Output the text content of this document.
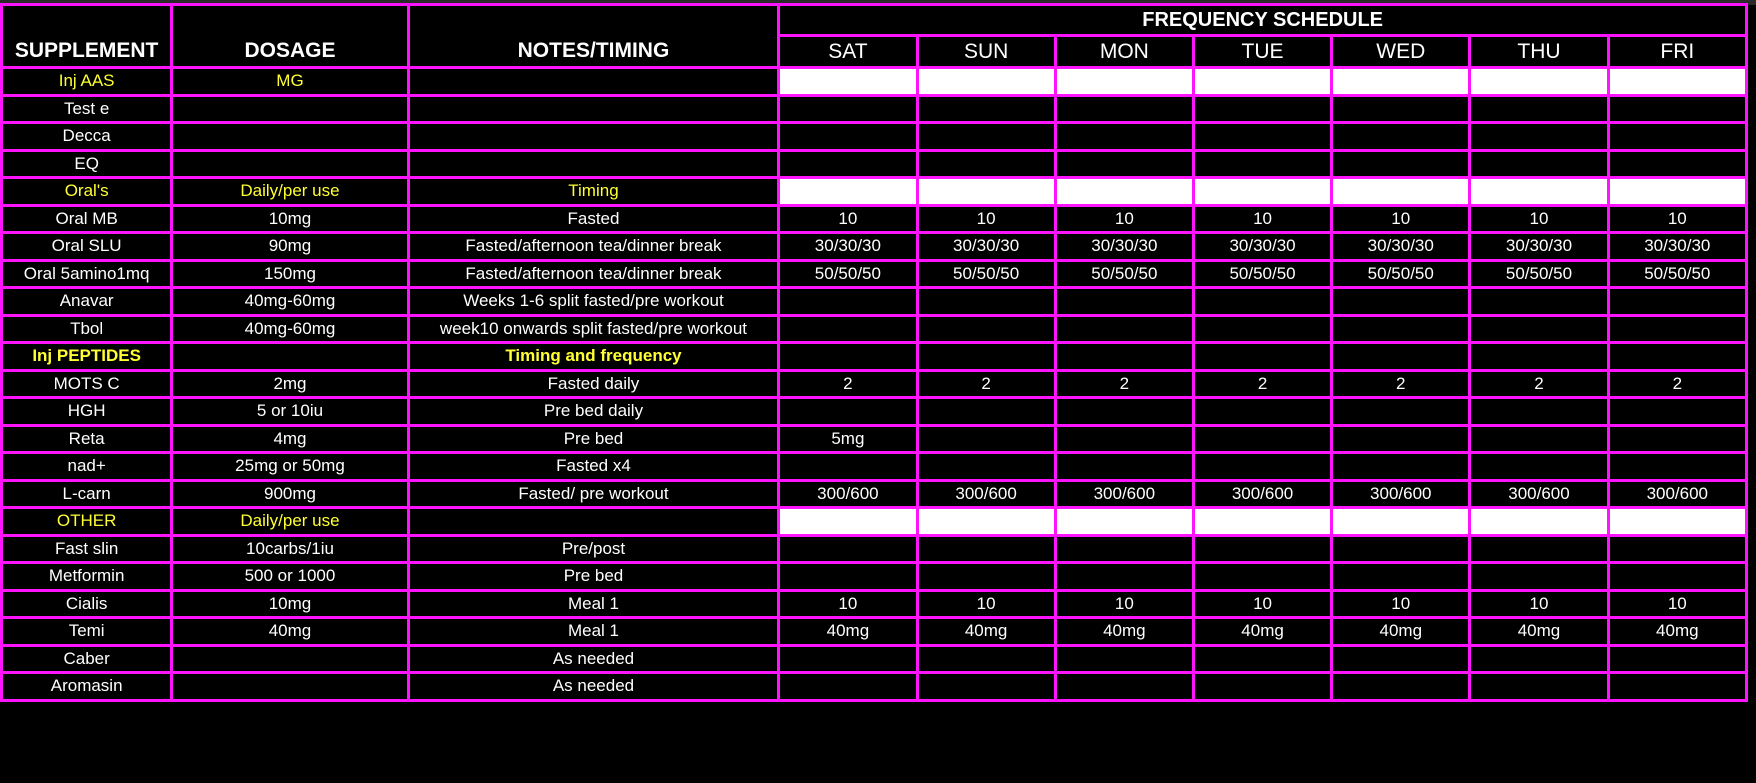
SUPPLEMENT	DOSAGE	NOTES/TIMING	FREQUENCY SCHEDULE						
			SAT	SUN	MON	TUE	WED	THU	FRI
Inj AAS	MG								
Test e									
Decca									
EQ									
Oral's	Daily/per use	Timing							
Oral MB	10mg	Fasted	10	10	10	10	10	10	10
Oral SLU	90mg	Fasted/afternoon tea/dinner break	30/30/30	30/30/30	30/30/30	30/30/30	30/30/30	30/30/30	30/30/30
Oral 5amino1mq	150mg	Fasted/afternoon tea/dinner break	50/50/50	50/50/50	50/50/50	50/50/50	50/50/50	50/50/50	50/50/50
Anavar	40mg-60mg	Weeks 1-6 split fasted/pre workout							
Tbol	40mg-60mg	week10 onwards split fasted/pre workout							
Inj PEPTIDES		Timing and frequency							
MOTS C	2mg	Fasted daily	2	2	2	2	2	2	2
HGH	5 or 10iu	Pre bed daily							
Reta	4mg	Pre bed	5mg						
nad+	25mg or 50mg	Fasted x4							
L-carn	900mg	Fasted/ pre workout	300/600	300/600	300/600	300/600	300/600	300/600	300/600
OTHER	Daily/per use								
Fast slin	10carbs/1iu	Pre/post							
Metformin	500 or 1000	Pre bed							
Cialis	10mg	Meal 1	10	10	10	10	10	10	10
Temi	40mg	Meal 1	40mg	40mg	40mg	40mg	40mg	40mg	40mg
Caber		As needed							
Aromasin		As needed							
